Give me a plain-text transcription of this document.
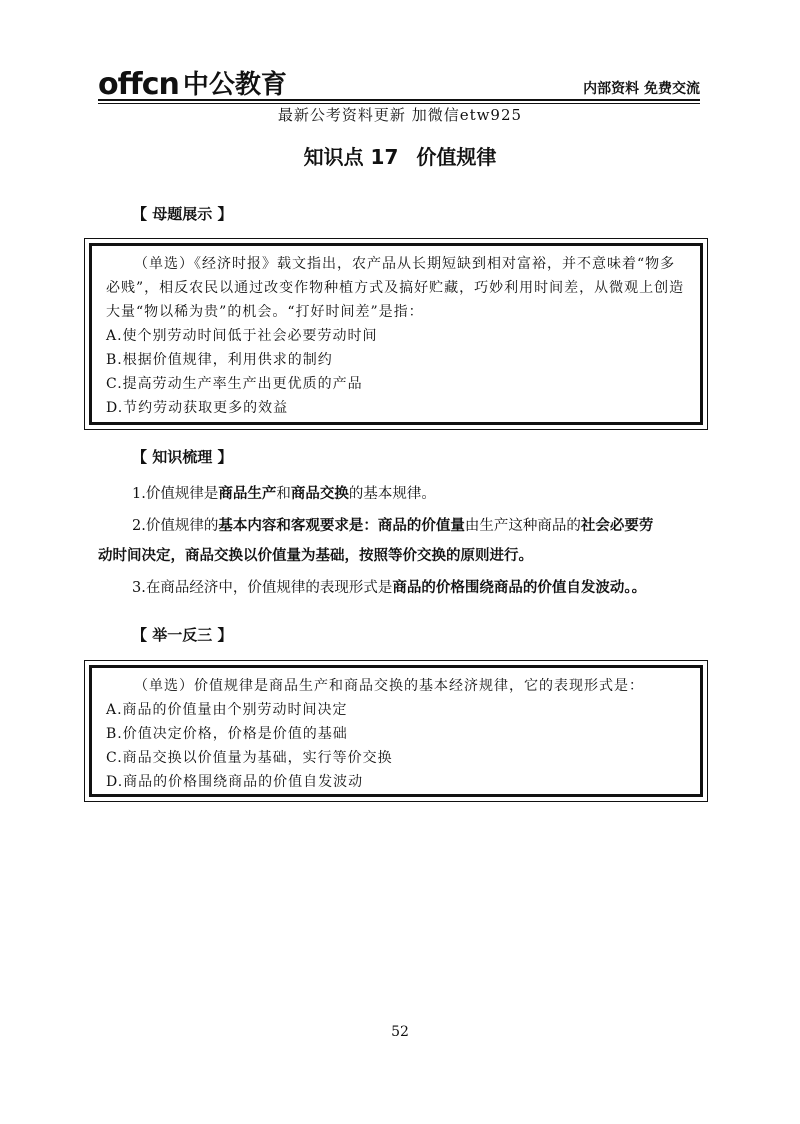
offcn 中公教育	内部资料 免费交流
最新公考资料更新 加微信etw925
知识点 17 价值规律
【 母题展示 】
（单选）《经济时报》载文指出，农产品从长期短缺到相对富裕，并不意味着“物多必贱”，相反农民以通过改变作物种植方式及搞好贮藏，巧妙利用时间差，从微观上创造大量“物以稀为贵”的机会。“打好时间差”是指：
A.使个别劳动时间低于社会必要劳动时间
B.根据价值规律，利用供求的制约
C.提高劳动生产率生产出更优质的产品
D.节约劳动获取更多的效益
【 知识梳理 】
1.价值规律是商品生产和商品交换的基本规律。
2.价值规律的基本内容和客观要求是：商品的价值量由生产这种商品的社会必要劳
动时间决定，商品交换以价值量为基础，按照等价交换的原则进行。
3.在商品经济中，价值规律的表现形式是商品的价格围绕商品的价值自发波动。。
【 举一反三 】
（单选）价值规律是商品生产和商品交换的基本经济规律，它的表现形式是：
A.商品的价值量由个别劳动时间决定
B.价值决定价格，价格是价值的基础
C.商品交换以价值量为基础，实行等价交换
D.商品的价格围绕商品的价值自发波动
52
